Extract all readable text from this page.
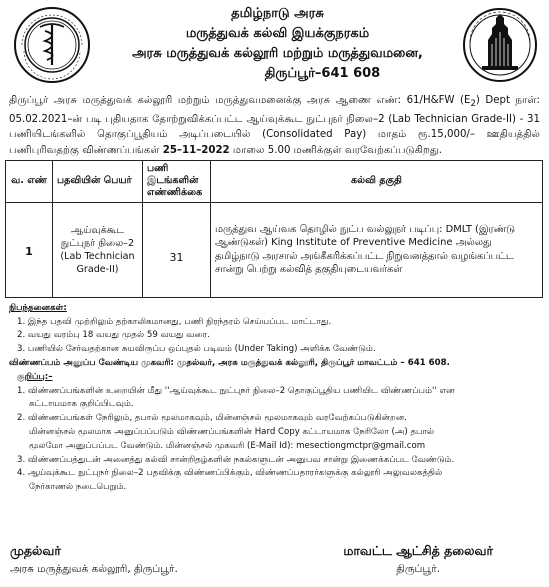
தமிழ்நாடு அரசு
மருத்துவக் கல்வி இயக்குநரகம்
அரசு மருத்துவக் கல்லூரி மற்றும் மருத்துவமனை,
திருப்பூர்–641 608
திருப்பூர் அரசு மருத்துவக் கல்லூரி மற்றும் மருத்துவமனைக்கு அரசு ஆணை எண்: 61/H&FW $(E_2)$ Dept நாள்: 05.02.2021–ன் படி புதியதாக தோற்றுவிக்கப்பட்ட ஆய்வுக்கூட நுட்புநர் நிலை–2 (Lab Technician Grade-II) - 31 பணியிடங்களில் தொகுப்பூதியம் அடிப்படையில் (Consolidated Pay) மாதம் ரூ.15,000/– ஊதியத்தில் பணிபுரிவதற்கு விண்ணப்பங்கள் 25–11–2022 மாலை 5.00 மணிக்குள் வரவேற்கப்படுகிறது.
வ. எண்	பதவியின் பெயர்	பணி இடங்களின் எண்ணிக்கை	கல்வி தகுதி
1	ஆய்வுக்கூட நுட்புநர் நிலை–2 (Lab Technician Grade-II)	31	மருத்துவ ஆய்வக தொழில் நுட்ப வல்லுநர் படிப்பு: DMLT (இரண்டு ஆண்டுகள்) King Institute of Preventive Medicine அல்லது தமிழ்நாடு அரசால் அங்கீகரிக்கப்பட்ட நிறுவனத்தால் வழங்கப்பட்ட சான்று பெற்று கல்வித் தகுதியுடையவர்கள்
நிபந்தனைகள்:
1. இந்த பதவி முற்றிலும் தற்காலிகமானது, பணி நிரந்தரம் செய்யப்பட மாட்டாது.
2. வயது வரம்பு 18 வயது முதல் 59 வயது வரை.
3. பணியில் சேர்வதற்கான சுயவிருப்ப ஒப்புதல் படிவம் (Under Taking) அளிக்க வேண்டும்.
விண்ணப்பம் அனுப்ப வேண்டிய முகவரி: முதல்வர், அரசு மருத்துவக் கல்லூரி, திருப்பூர் மாவட்டம் – 641 608.
குறிப்பு:–
1. விண்ணப்பங்களின் உறையின் மீது ''ஆய்வுக்கூட நுட்புநர் நிலை–2 தொகுப்பூதிய பணியிட விண்ணப்பம்'' என
கட்டாயமாக குறிப்பிடவும்.
2. விண்ணப்பங்கள் நேரிலும், தபால் மூலமாகவும், மின்னஞ்சல் மூலமாகவும் வரவேற்கப்படுகின்றன.
மின்னஞ்சல் மூலமாக அனுப்பப்படும் விண்ணப்பங்களின் Hard Copy கட்டாயமாக நேரிலோ (அ) தபால்
மூலமோ அனுப்பப்பட வேண்டும். மின்னஞ்சல் முகவரி (E-Mail Id): mesectiongmctpr@gmail.com
3. விண்ணப்பத்துடன் அனைத்து கல்வி சான்றிதழ்களின் நகல்களுடன் அனுபவ சான்று இணைக்கப்பட வேண்டும்.
4. ஆய்வுக்கூட நுட்புநர் நிலை–2 பதவிக்கு விண்ணப்பிக்கும், விண்ணப்பதாரர்களுக்கு கல்லூரி அலுவலகத்தில்
நேர்காணல் நடைபெறும்.
முதல்வர்
அரசு மருத்துவக் கல்லூரி, திருப்பூர்.
மாவட்ட ஆட்சித் தலைவர்
திருப்பூர்.
